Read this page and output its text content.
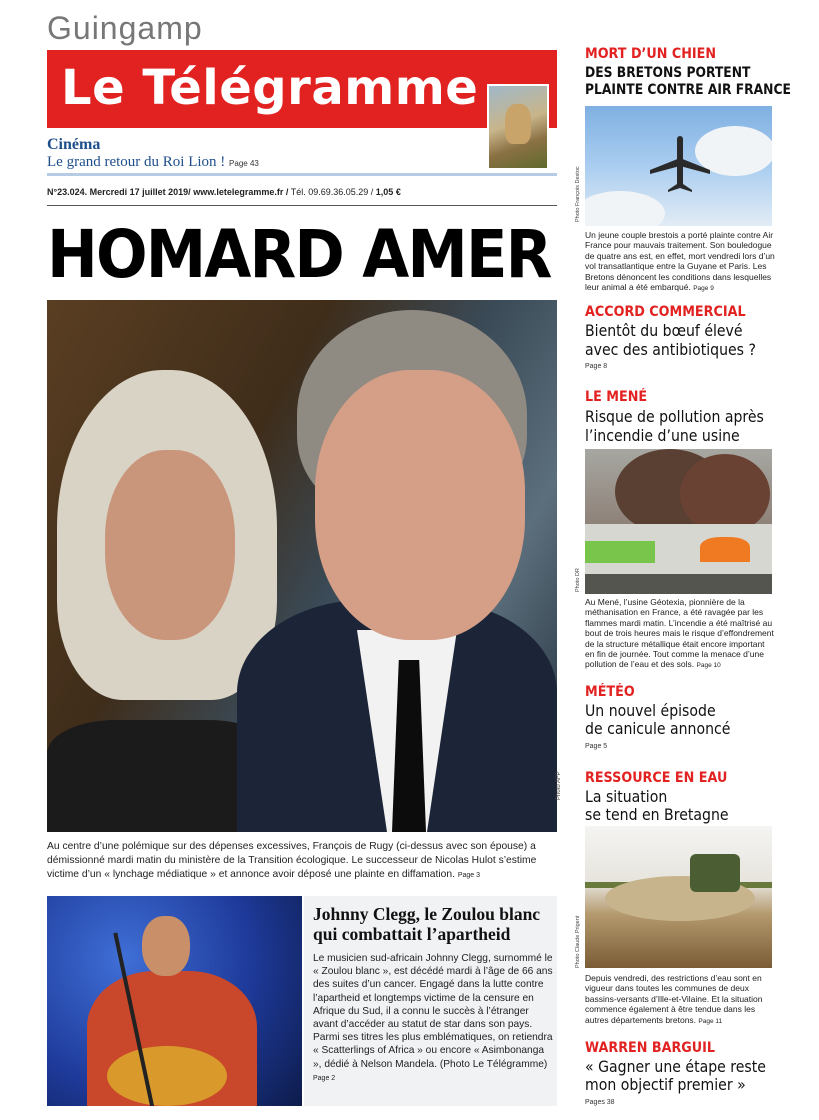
Guingamp
Le Télégramme
Cinéma
Le grand retour du Roi Lion ! Page 43
N°23.024. Mercredi 17 juillet 2019/ www.letelegramme.fr / Tél. 09.69.36.05.29 / 1,05 €
HOMARD AMER
Photo AFP
Au centre d’une polémique sur des dépenses excessives, François de Rugy (ci-dessus avec son épouse) a démissionné mardi matin du ministère de la Transition écologique. Le successeur de Nicolas Hulot s’estime victime d’un « lynchage médiatique » et annonce avoir déposé une plainte en diffamation. Page 3
Johnny Clegg, le Zoulou blanc qui combattait l’apartheid
Le musicien sud-africain Johnny Clegg, surnommé le « Zoulou blanc », est décédé mardi à l’âge de 66 ans des suites d’un cancer. Engagé dans la lutte contre l’apartheid et longtemps victime de la censure en Afrique du Sud, il a connu le succès à l’étranger avant d’accéder au statut de star dans son pays. Parmi ses titres les plus emblématiques, on retiendra « Scatterlings of Africa » ou encore « Asimbonanga », dédié à Nelson Mandela. (Photo Le Télégramme) Page 2
MORT D’UN CHIEN
DES BRETONS PORTENT
PLAINTE CONTRE AIR FRANCE
Photo François Destoc
Un jeune couple brestois a porté plainte contre Air France pour mauvais traitement. Son bouledogue de quatre ans est, en effet, mort vendredi lors d’un vol transatlantique entre la Guyane et Paris. Les Bretons dénoncent les conditions dans lesquelles leur animal a été embarqué. Page 9
ACCORD COMMERCIAL
Bientôt du bœuf élevé
avec des antibiotiques ?
Page 8
LE MENÉ
Risque de pollution après
l’incendie d’une usine
Photo DR
Au Mené, l’usine Géotexia, pionnière de la méthanisation en France, a été ravagée par les flammes mardi matin. L’incendie a été maîtrisé au bout de trois heures mais le risque d’effondrement de la structure métallique était encore important en fin de journée. Tout comme la menace d’une pollution de l’eau et des sols. Page 10
MÉTÉO
Un nouvel épisode
de canicule annoncé
Page 5
RESSOURCE EN EAU
La situation
se tend en Bretagne
Photo Claude Prigent
Depuis vendredi, des restrictions d’eau sont en vigueur dans toutes les communes de deux bassins-versants d’Ille-et-Vilaine. Et la situation commence également à être tendue dans les autres départements bretons. Page 11
WARREN BARGUIL
« Gagner une étape reste
mon objectif premier »
Pages 38
